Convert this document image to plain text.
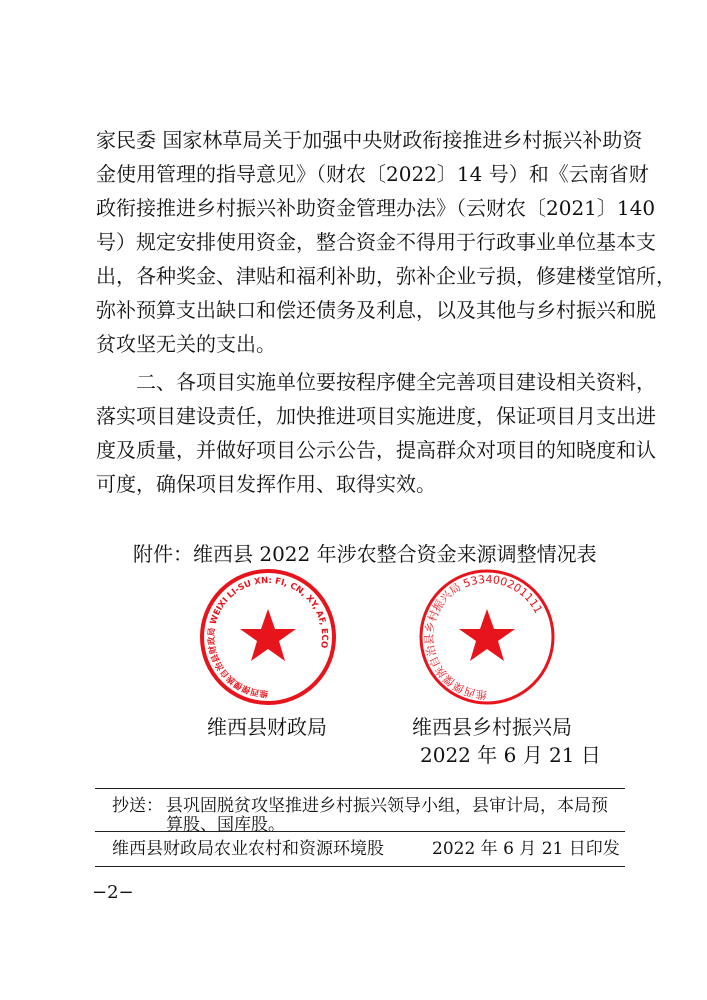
家民委 国家林草局关于加强中央财政衔接推进乡村振兴补助资
金使用管理的指导意见》（财农〔2022〕14 号）和《云南省财
政衔接推进乡村振兴补助资金管理办法》（云财农〔2021〕140
号）规定安排使用资金，整合资金不得用于行政事业单位基本支
出，各种奖金、津贴和福利补助，弥补企业亏损，修建楼堂馆所，
弥补预算支出缺口和偿还债务及利息，以及其他与乡村振兴和脱
贫攻坚无关的支出。
　　二、各项目实施单位要按程序健全完善项目建设相关资料，
落实项目建设责任，加快推进项目实施进度，保证项目月支出进
度及质量，并做好项目公示公告，提高群众对项目的知晓度和认
可度，确保项目发挥作用、取得实效。
附件：维西县 2022 年涉农整合资金来源调整情况表
维西傈僳族自治县财政局 WEIXI LI-SU XN: FI, CN, XY, AF, ECO
维西傈僳族自治县乡村振兴局 533400201111
维西县财政局	维西县乡村振兴局
2022 年 6 月 21 日
抄送： 县巩固脱贫攻坚推进乡村振兴领导小组，县审计局，本局预
算股、国库股。
维西县财政局农业农村和资源环境股	2022 年 6 月 21 日印发
−2−
